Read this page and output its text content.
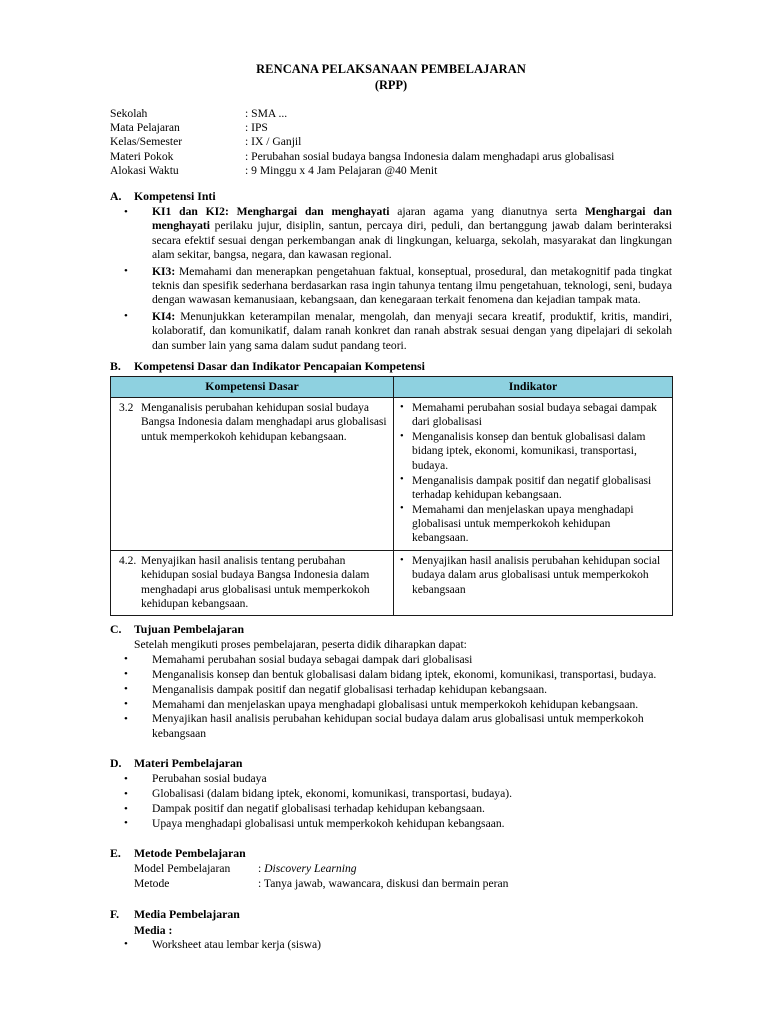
RENCANA PELAKSANAAN PEMBELAJARAN
(RPP)
Sekolah	: SMA ...
Mata Pelajaran	: IPS
Kelas/Semester	: IX / Ganjil
Materi Pokok	: Perubahan sosial budaya bangsa Indonesia dalam menghadapi arus globalisasi
Alokasi Waktu	: 9 Minggu x 4 Jam Pelajaran @40 Menit
A.	Kompetensi Inti
• KI1 dan KI2: Menghargai dan menghayati ajaran agama yang dianutnya serta Menghargai dan menghayati perilaku jujur, disiplin, santun, percaya diri, peduli, dan bertanggung jawab dalam berinteraksi secara efektif sesuai dengan perkembangan anak di lingkungan, keluarga, sekolah, masyarakat dan lingkungan alam sekitar, bangsa, negara, dan kawasan regional.
• KI3: Memahami dan menerapkan pengetahuan faktual, konseptual, prosedural, dan metakognitif pada tingkat teknis dan spesifik sederhana berdasarkan rasa ingin tahunya tentang ilmu pengetahuan, teknologi, seni, budaya dengan wawasan kemanusiaan, kebangsaan, dan kenegaraan terkait fenomena dan kejadian tampak mata.
• KI4: Menunjukkan keterampilan menalar, mengolah, dan menyaji secara kreatif, produktif, kritis, mandiri, kolaboratif, dan komunikatif, dalam ranah konkret dan ranah abstrak sesuai dengan yang dipelajari di sekolah dan sumber lain yang sama dalam sudut pandang teori.
B.	Kompetensi Dasar dan Indikator Pencapaian Kompetensi
Kompetensi Dasar	Indikator

3.2 Menganalisis perubahan kehidupan sosial budaya Bangsa Indonesia dalam menghadapi arus globalisasi untuk memperkokoh kehidupan kebangsaan.

• Memahami perubahan sosial budaya sebagai dampak dari globalisasi
• Menganalisis konsep dan bentuk globalisasi dalam bidang iptek, ekonomi, komunikasi, transportasi, budaya.
• Menganalisis dampak positif dan negatif globalisasi terhadap kehidupan kebangsaan.
• Memahami dan menjelaskan upaya menghadapi globalisasi untuk memperkokoh kehidupan kebangsaan.

4.2. Menyajikan hasil analisis tentang perubahan kehidupan sosial budaya Bangsa Indonesia dalam menghadapi arus globalisasi untuk memperkokoh kehidupan kebangsaan.

• Menyajikan hasil analisis perubahan kehidupan social budaya dalam arus globalisasi untuk memperkokoh kebangsaan
C.	Tujuan Pembelajaran
Setelah mengikuti proses pembelajaran, peserta didik diharapkan dapat:
• Memahami perubahan sosial budaya sebagai dampak dari globalisasi
• Menganalisis konsep dan bentuk globalisasi dalam bidang iptek, ekonomi, komunikasi, transportasi, budaya.
• Menganalisis dampak positif dan negatif globalisasi terhadap kehidupan kebangsaan.
• Memahami dan menjelaskan upaya menghadapi globalisasi untuk memperkokoh kehidupan kebangsaan.
• Menyajikan hasil analisis perubahan kehidupan social budaya dalam arus globalisasi untuk memperkokoh kebangsaan
D.	Materi Pembelajaran
• Perubahan sosial budaya
• Globalisasi (dalam bidang iptek, ekonomi, komunikasi, transportasi, budaya).
• Dampak positif dan negatif globalisasi terhadap kehidupan kebangsaan.
• Upaya menghadapi globalisasi untuk memperkokoh kehidupan kebangsaan.
E.	Metode Pembelajaran
Model Pembelajaran	: Discovery Learning
Metode	: Tanya jawab, wawancara, diskusi dan bermain peran
F.	Media Pembelajaran
Media :
• Worksheet atau lembar kerja (siswa)
